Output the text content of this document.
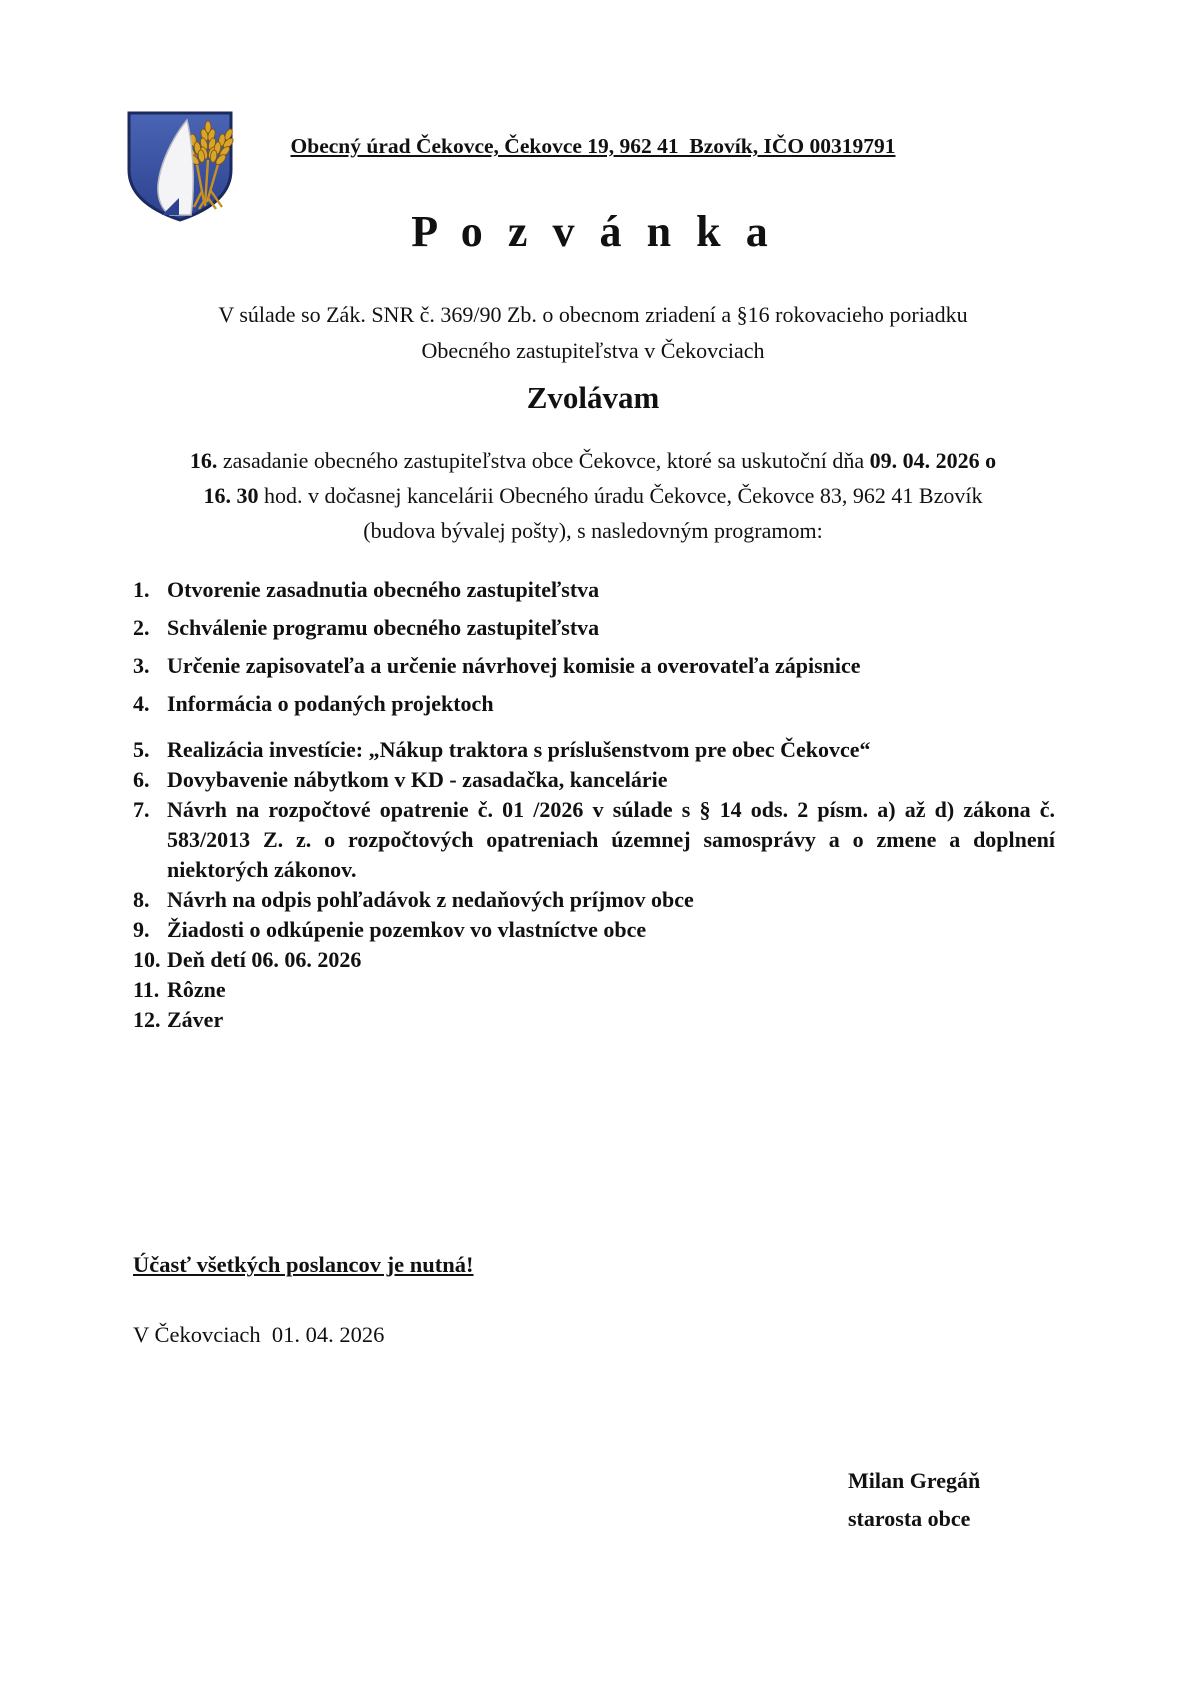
Obecný úrad Čekovce, Čekovce 19, 962 41  Bzovík, IČO 00319791
P o z v á n k a
V súlade so Zák. SNR č. 369/90 Zb. o obecnom zriadení a §16 rokovacieho poriadku
Obecného zastupiteľstva v Čekovciach
Zvolávam
16. zasadanie obecného zastupiteľstva obce Čekovce, ktoré sa uskutoční dňa 09. 04. 2026 o
16. 30 hod. v dočasnej kancelárii Obecného úradu Čekovce, Čekovce 83, 962 41 Bzovík
(budova bývalej pošty), s nasledovným programom:
1. Otvorenie zasadnutia obecného zastupiteľstva
2. Schválenie programu obecného zastupiteľstva
3. Určenie zapisovateľa a určenie návrhovej komisie a overovateľa zápisnice
4. Informácia o podaných projektoch
5. Realizácia investície: „Nákup traktora s príslušenstvom pre obec Čekovce“
6. Dovybavenie nábytkom v KD - zasadačka, kancelárie
7. Návrh na rozpočtové opatrenie č. 01 /2026 v súlade s § 14 ods. 2 písm. a) až d) zákona č. 583/2013 Z. z. o rozpočtových opatreniach územnej samosprávy a o zmene a doplnení niektorých zákonov.
8. Návrh na odpis pohľadávok z nedaňových príjmov obce
9. Žiadosti o odkúpenie pozemkov vo vlastníctve obce
10. Deň detí 06. 06. 2026
11. Rôzne
12. Záver
Účasť všetkých poslancov je nutná!
V Čekovciach  01. 04. 2026
Milan Gregáň
starosta obce
